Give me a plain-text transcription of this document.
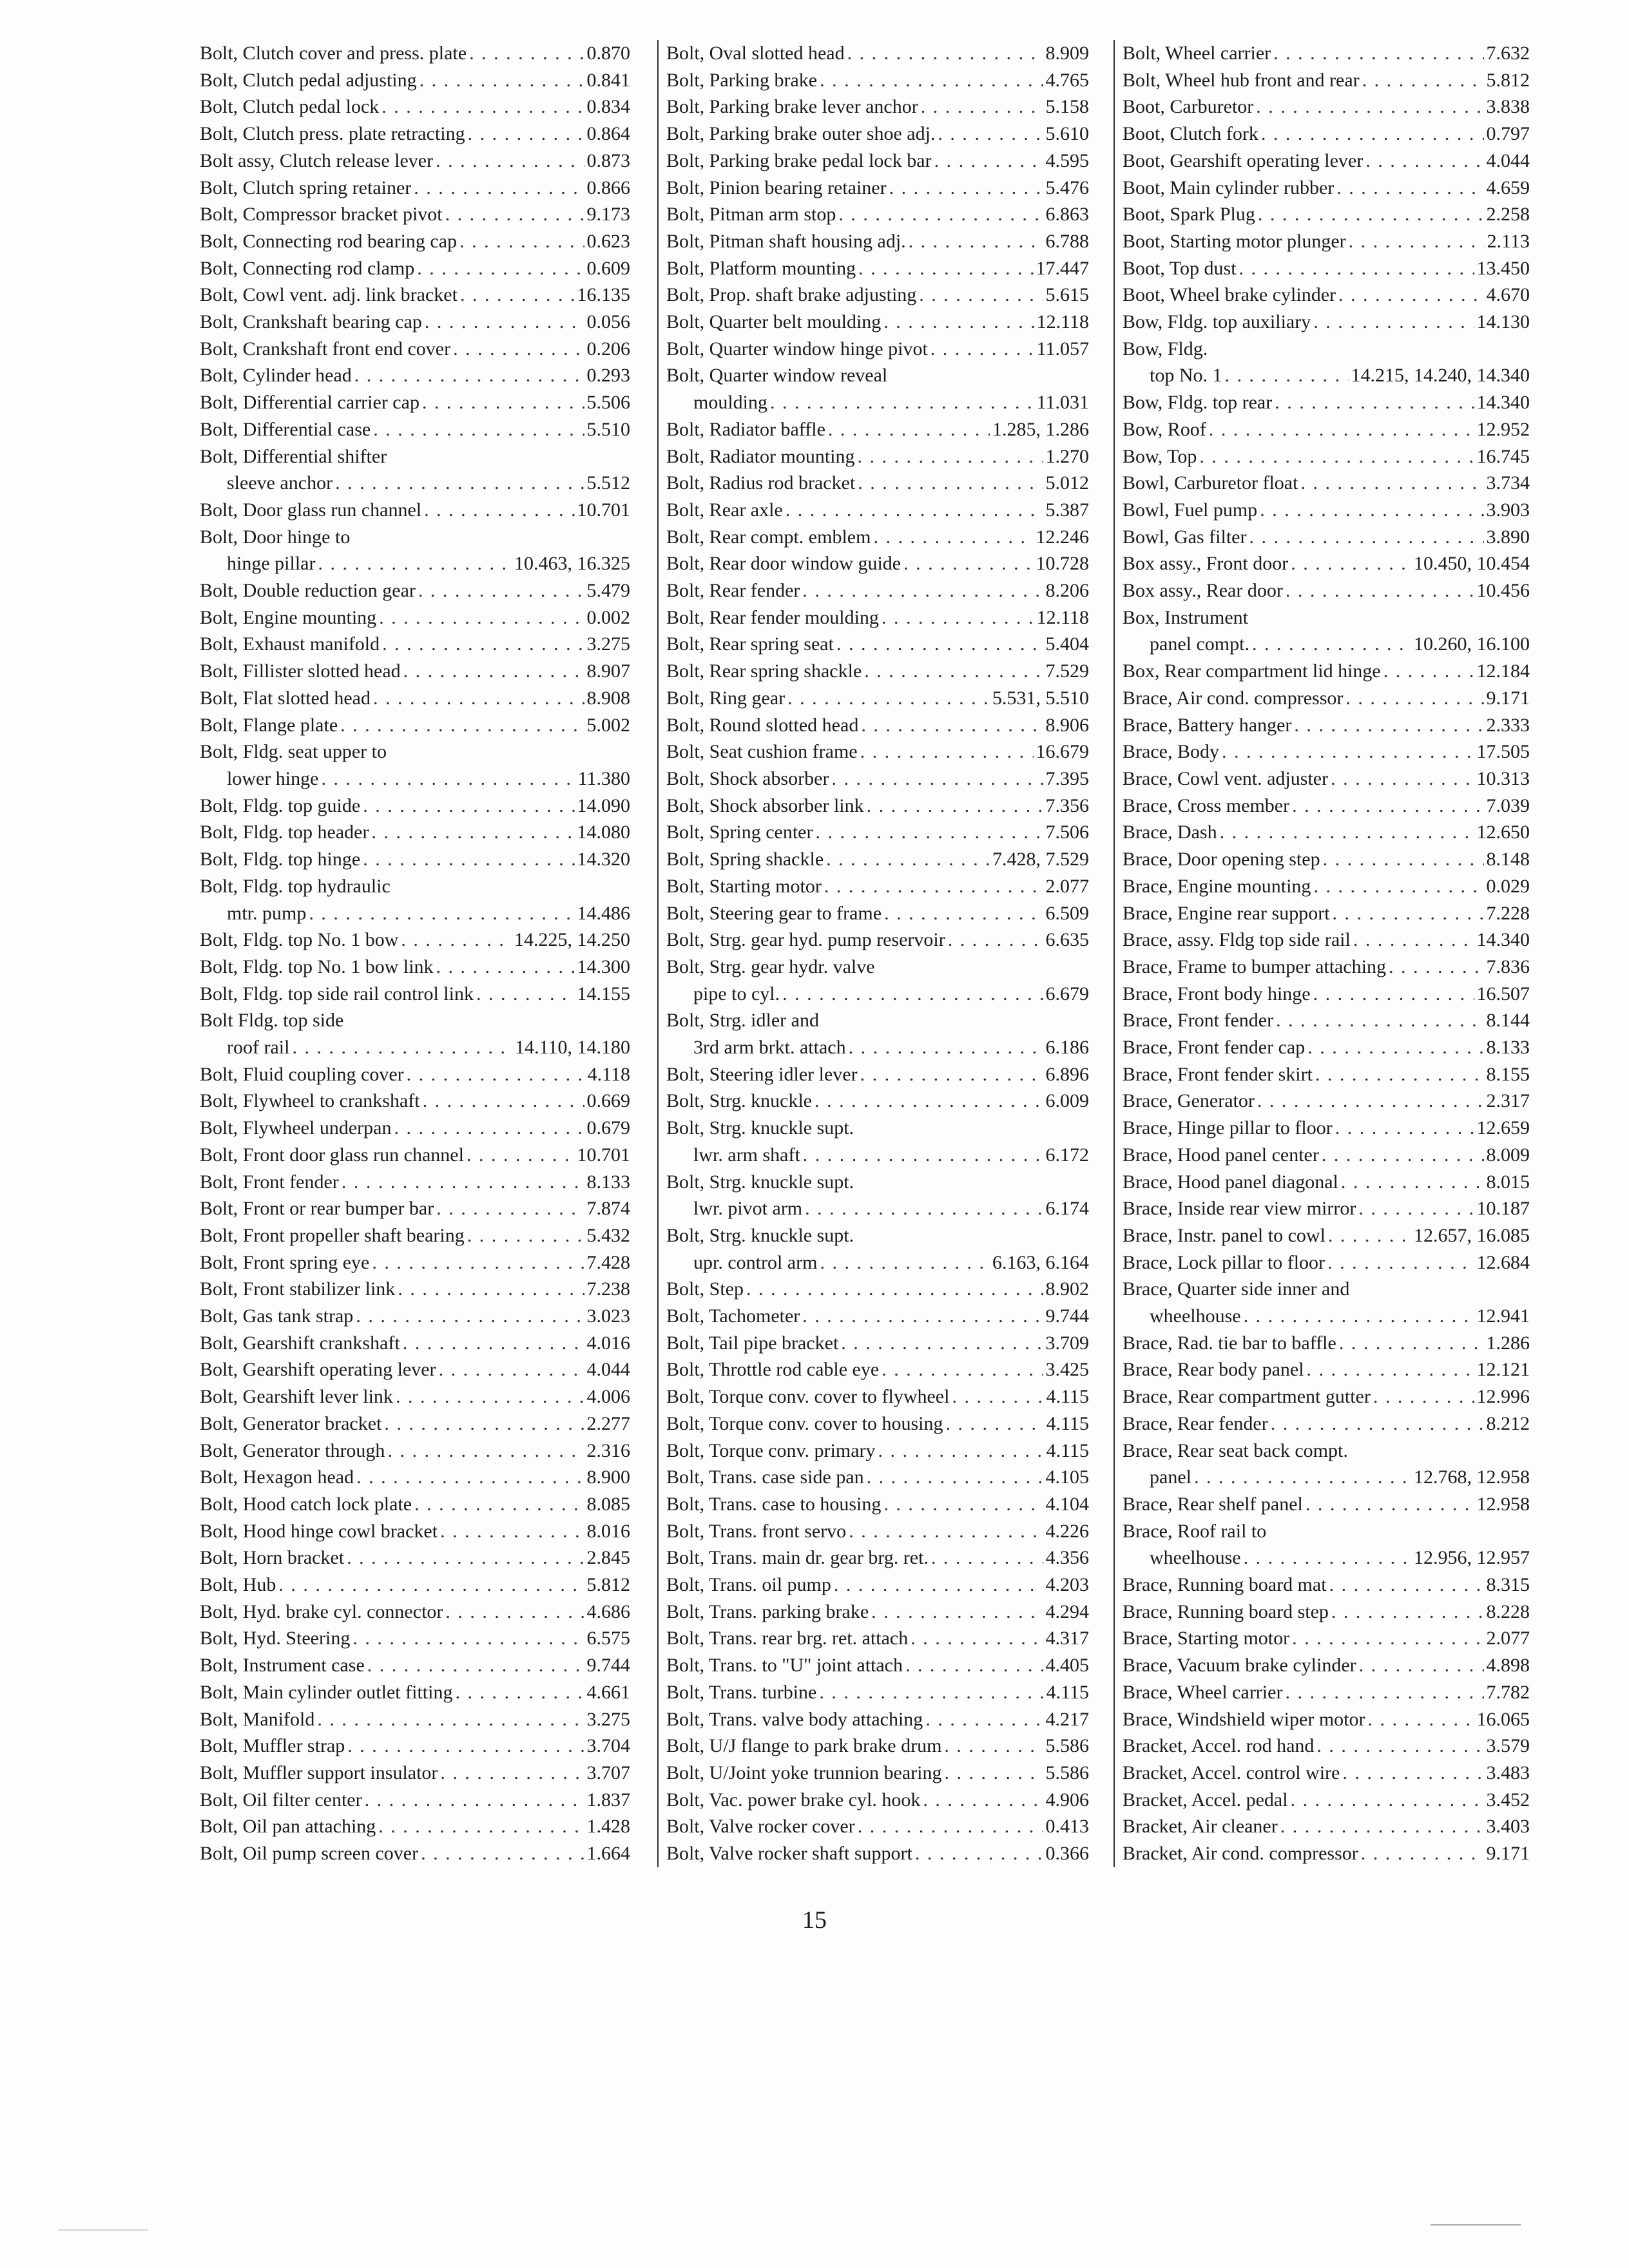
Bolt, Clutch cover and press. plate . . .	0.870
Bolt, Clutch pedal adjusting . . .	0.841
Bolt, Clutch pedal lock . . .	0.834
Bolt, Clutch press. plate retracting . . .	0.864
Bolt assy, Clutch release lever . . .	0.873
Bolt, Clutch spring retainer . . .	0.866
Bolt, Compressor bracket pivot . . .	9.173
Bolt, Connecting rod bearing cap . . .	0.623
Bolt, Connecting rod clamp . . .	0.609
Bolt, Cowl vent. adj. link bracket . . .	16.135
Bolt, Crankshaft bearing cap . . .	0.056
Bolt, Crankshaft front end cover . . .	0.206
Bolt, Cylinder head . . .	0.293
Bolt, Differential carrier cap . . .	5.506
Bolt, Differential case . . .	5.510
Bolt, Differential shifter
sleeve anchor . . .	5.512
Bolt, Door glass run channel . . .	10.701
Bolt, Door hinge to
hinge pillar . . .	10.463, 16.325
Bolt, Double reduction gear . . .	5.479
Bolt, Engine mounting . . .	0.002
Bolt, Exhaust manifold . . .	3.275
Bolt, Fillister slotted head . . .	8.907
Bolt, Flat slotted head . . .	8.908
Bolt, Flange plate . . .	5.002
Bolt, Fldg. seat upper to
lower hinge . . .	11.380
Bolt, Fldg. top guide . . .	14.090
Bolt, Fldg. top header . . .	14.080
Bolt, Fldg. top hinge . . .	14.320
Bolt, Fldg. top hydraulic
mtr. pump . . .	14.486
Bolt, Fldg. top No. 1 bow . . .	14.225, 14.250
Bolt, Fldg. top No. 1 bow link . . .	14.300
Bolt, Fldg. top side rail control link . . .	14.155
Bolt Fldg. top side
roof rail . . .	14.110, 14.180
Bolt, Fluid coupling cover . . .	4.118
Bolt, Flywheel to crankshaft . . .	0.669
Bolt, Flywheel underpan . . .	0.679
Bolt, Front door glass run channel . . .	10.701
Bolt, Front fender . . .	8.133
Bolt, Front or rear bumper bar . . .	7.874
Bolt, Front propeller shaft bearing . . .	5.432
Bolt, Front spring eye . . .	7.428
Bolt, Front stabilizer link . . .	7.238
Bolt, Gas tank strap . . .	3.023
Bolt, Gearshift crankshaft . . .	4.016
Bolt, Gearshift operating lever . . .	4.044
Bolt, Gearshift lever link . . .	4.006
Bolt, Generator bracket . . .	2.277
Bolt, Generator through . . .	2.316
Bolt, Hexagon head . . .	8.900
Bolt, Hood catch lock plate . . .	8.085
Bolt, Hood hinge cowl bracket . . .	8.016
Bolt, Horn bracket . . .	2.845
Bolt, Hub . . .	5.812
Bolt, Hyd. brake cyl. connector . . .	4.686
Bolt, Hyd. Steering . . .	6.575
Bolt, Instrument case . . .	9.744
Bolt, Main cylinder outlet fitting . . .	4.661
Bolt, Manifold . . .	3.275
Bolt, Muffler strap . . .	3.704
Bolt, Muffler support insulator . . .	3.707
Bolt, Oil filter center . . .	1.837
Bolt, Oil pan attaching . . .	1.428
Bolt, Oil pump screen cover . . .	1.664
Bolt, Oval slotted head . . .	8.909
Bolt, Parking brake . . .	4.765
Bolt, Parking brake lever anchor . . .	5.158
Bolt, Parking brake outer shoe adj. . . .	5.610
Bolt, Parking brake pedal lock bar . . .	4.595
Bolt, Pinion bearing retainer . . .	5.476
Bolt, Pitman arm stop . . .	6.863
Bolt, Pitman shaft housing adj. . . .	6.788
Bolt, Platform mounting . . .	17.447
Bolt, Prop. shaft brake adjusting . . .	5.615
Bolt, Quarter belt moulding . . .	12.118
Bolt, Quarter window hinge pivot . . .	11.057
Bolt, Quarter window reveal
moulding . . .	11.031
Bolt, Radiator baffle . . .	1.285, 1.286
Bolt, Radiator mounting . . .	1.270
Bolt, Radius rod bracket . . .	5.012
Bolt, Rear axle . . .	5.387
Bolt, Rear compt. emblem . . .	12.246
Bolt, Rear door window guide . . .	10.728
Bolt, Rear fender . . .	8.206
Bolt, Rear fender moulding . . .	12.118
Bolt, Rear spring seat . . .	5.404
Bolt, Rear spring shackle . . .	7.529
Bolt, Ring gear . . .	5.531, 5.510
Bolt, Round slotted head . . .	8.906
Bolt, Seat cushion frame . . .	16.679
Bolt, Shock absorber . . .	7.395
Bolt, Shock absorber link . . .	7.356
Bolt, Spring center . . .	7.506
Bolt, Spring shackle . . .	7.428, 7.529
Bolt, Starting motor . . .	2.077
Bolt, Steering gear to frame . . .	6.509
Bolt, Strg. gear hyd. pump reservoir . . .	6.635
Bolt, Strg. gear hydr. valve
pipe to cyl. . . .	6.679
Bolt, Strg. idler and
3rd arm brkt. attach . . .	6.186
Bolt, Steering idler lever . . .	6.896
Bolt, Strg. knuckle . . .	6.009
Bolt, Strg. knuckle supt.
lwr. arm shaft . . .	6.172
Bolt, Strg. knuckle supt.
lwr. pivot arm . . .	6.174
Bolt, Strg. knuckle supt.
upr. control arm . . .	6.163, 6.164
Bolt, Step . . .	8.902
Bolt, Tachometer . . .	9.744
Bolt, Tail pipe bracket . . .	3.709
Bolt, Throttle rod cable eye . . .	3.425
Bolt, Torque conv. cover to flywheel . . .	4.115
Bolt, Torque conv. cover to housing . . .	4.115
Bolt, Torque conv. primary . . .	4.115
Bolt, Trans. case side pan . . .	4.105
Bolt, Trans. case to housing . . .	4.104
Bolt, Trans. front servo . . .	4.226
Bolt, Trans. main dr. gear brg. ret. . . .	4.356
Bolt, Trans. oil pump . . .	4.203
Bolt, Trans. parking brake . . .	4.294
Bolt, Trans. rear brg. ret. attach . . .	4.317
Bolt, Trans. to "U" joint attach . . .	4.405
Bolt, Trans. turbine . . .	4.115
Bolt, Trans. valve body attaching . . .	4.217
Bolt, U/J flange to park brake drum . . .	5.586
Bolt, U/Joint yoke trunnion bearing . . .	5.586
Bolt, Vac. power brake cyl. hook . . .	4.906
Bolt, Valve rocker cover . . .	0.413
Bolt, Valve rocker shaft support . . .	0.366
Bolt, Wheel carrier . . .	7.632
Bolt, Wheel hub front and rear . . .	5.812
Boot, Carburetor . . .	3.838
Boot, Clutch fork . . .	0.797
Boot, Gearshift operating lever . . .	4.044
Boot, Main cylinder rubber . . .	4.659
Boot, Spark Plug . . .	2.258
Boot, Starting motor plunger . . .	2.113
Boot, Top dust . . .	13.450
Boot, Wheel brake cylinder . . .	4.670
Bow, Fldg. top auxiliary . . .	14.130
Bow, Fldg.
top No. 1 . . .	14.215, 14.240, 14.340
Bow, Fldg. top rear . . .	14.340
Bow, Roof . . .	12.952
Bow, Top . . .	16.745
Bowl, Carburetor float . . .	3.734
Bowl, Fuel pump . . .	3.903
Bowl, Gas filter . . .	3.890
Box assy., Front door . . .	10.450, 10.454
Box assy., Rear door . . .	10.456
Box, Instrument
panel compt. . . .	10.260, 16.100
Box, Rear compartment lid hinge . . .	12.184
Brace, Air cond. compressor . . .	9.171
Brace, Battery hanger . . .	2.333
Brace, Body . . .	17.505
Brace, Cowl vent. adjuster . . .	10.313
Brace, Cross member . . .	7.039
Brace, Dash . . .	12.650
Brace, Door opening step . . .	8.148
Brace, Engine mounting . . .	0.029
Brace, Engine rear support . . .	7.228
Brace, assy. Fldg top side rail . . .	14.340
Brace, Frame to bumper attaching . . .	7.836
Brace, Front body hinge . . .	16.507
Brace, Front fender . . .	8.144
Brace, Front fender cap . . .	8.133
Brace, Front fender skirt . . .	8.155
Brace, Generator . . .	2.317
Brace, Hinge pillar to floor . . .	12.659
Brace, Hood panel center . . .	8.009
Brace, Hood panel diagonal . . .	8.015
Brace, Inside rear view mirror . . .	10.187
Brace, Instr. panel to cowl . . .	12.657, 16.085
Brace, Lock pillar to floor . . .	12.684
Brace, Quarter side inner and
wheelhouse . . .	12.941
Brace, Rad. tie bar to baffle . . .	1.286
Brace, Rear body panel . . .	12.121
Brace, Rear compartment gutter . . .	12.996
Brace, Rear fender . . .	8.212
Brace, Rear seat back compt.
panel . . .	12.768, 12.958
Brace, Rear shelf panel . . .	12.958
Brace, Roof rail to
wheelhouse . . .	12.956, 12.957
Brace, Running board mat . . .	8.315
Brace, Running board step . . .	8.228
Brace, Starting motor . . .	2.077
Brace, Vacuum brake cylinder . . .	4.898
Brace, Wheel carrier . . .	7.782
Brace, Windshield wiper motor . . .	16.065
Bracket, Accel. rod hand . . .	3.579
Bracket, Accel. control wire . . .	3.483
Bracket, Accel. pedal . . .	3.452
Bracket, Air cleaner . . .	3.403
Bracket, Air cond. compressor . . .	9.171
15
